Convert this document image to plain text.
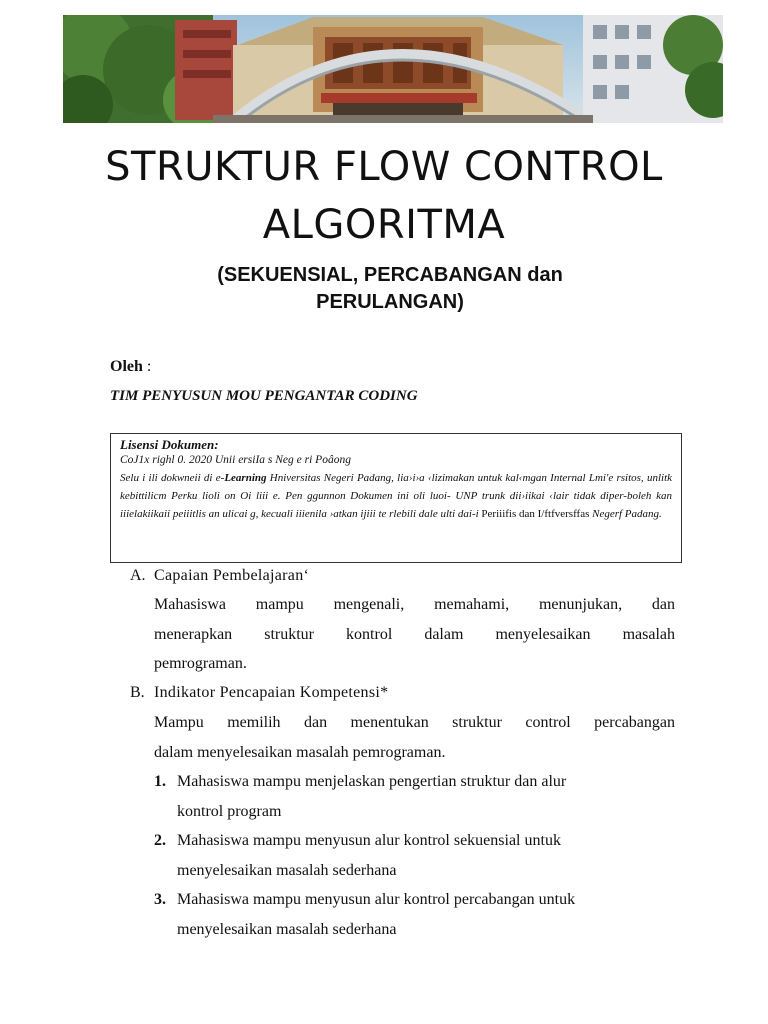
STRUKTUR FLOW CONTROL
ALGORITMA
(SEKUENSIAL, PERCABANGAN dan
PERULANGAN)
Oleh :
TIM PENYUSUN MOU PENGANTAR CODING
Lisensi Dokumen:
CoJ1x righl 0. 2020 Unii ersiIa s Neg e ri Poâong
Selu i ili dokwneii di e-Learning Hniversitas Negeri Padang, lia›i›a ‹lizimakan untuk kal‹mgan Internal Lmi'e rsitos, unlitk kebittilicm Perku lioli on Oi liii e. Pen ggunnon Dokumen ini oli luoi- UNP trunk dii›iikai ‹lair tidak diper-boleh kan iiielakiikaii peiiitlis an ulicai g, kecuali iiienila ›atkan ijiii te rlebili dale ulti dai-i Periiifis dan I/ftfversffas Negerf Padang.
A. Capaian Pembelajaran‘
Mahasiswa mampu mengenali, memahami, menunjukan, dan
menerapkan struktur kontrol dalam menyelesaikan masalah
pemrograman.
B. Indikator Pencapaian Kompetensi*
Mampu memilih dan menentukan struktur control percabangan
dalam menyelesaikan masalah pemrograman.
1. Mahasiswa mampu menjelaskan pengertian struktur dan alur
kontrol program
2. Mahasiswa mampu menyusun alur kontrol sekuensial untuk
menyelesaikan masalah sederhana
3. Mahasiswa mampu menyusun alur kontrol percabangan untuk
menyelesaikan masalah sederhana
